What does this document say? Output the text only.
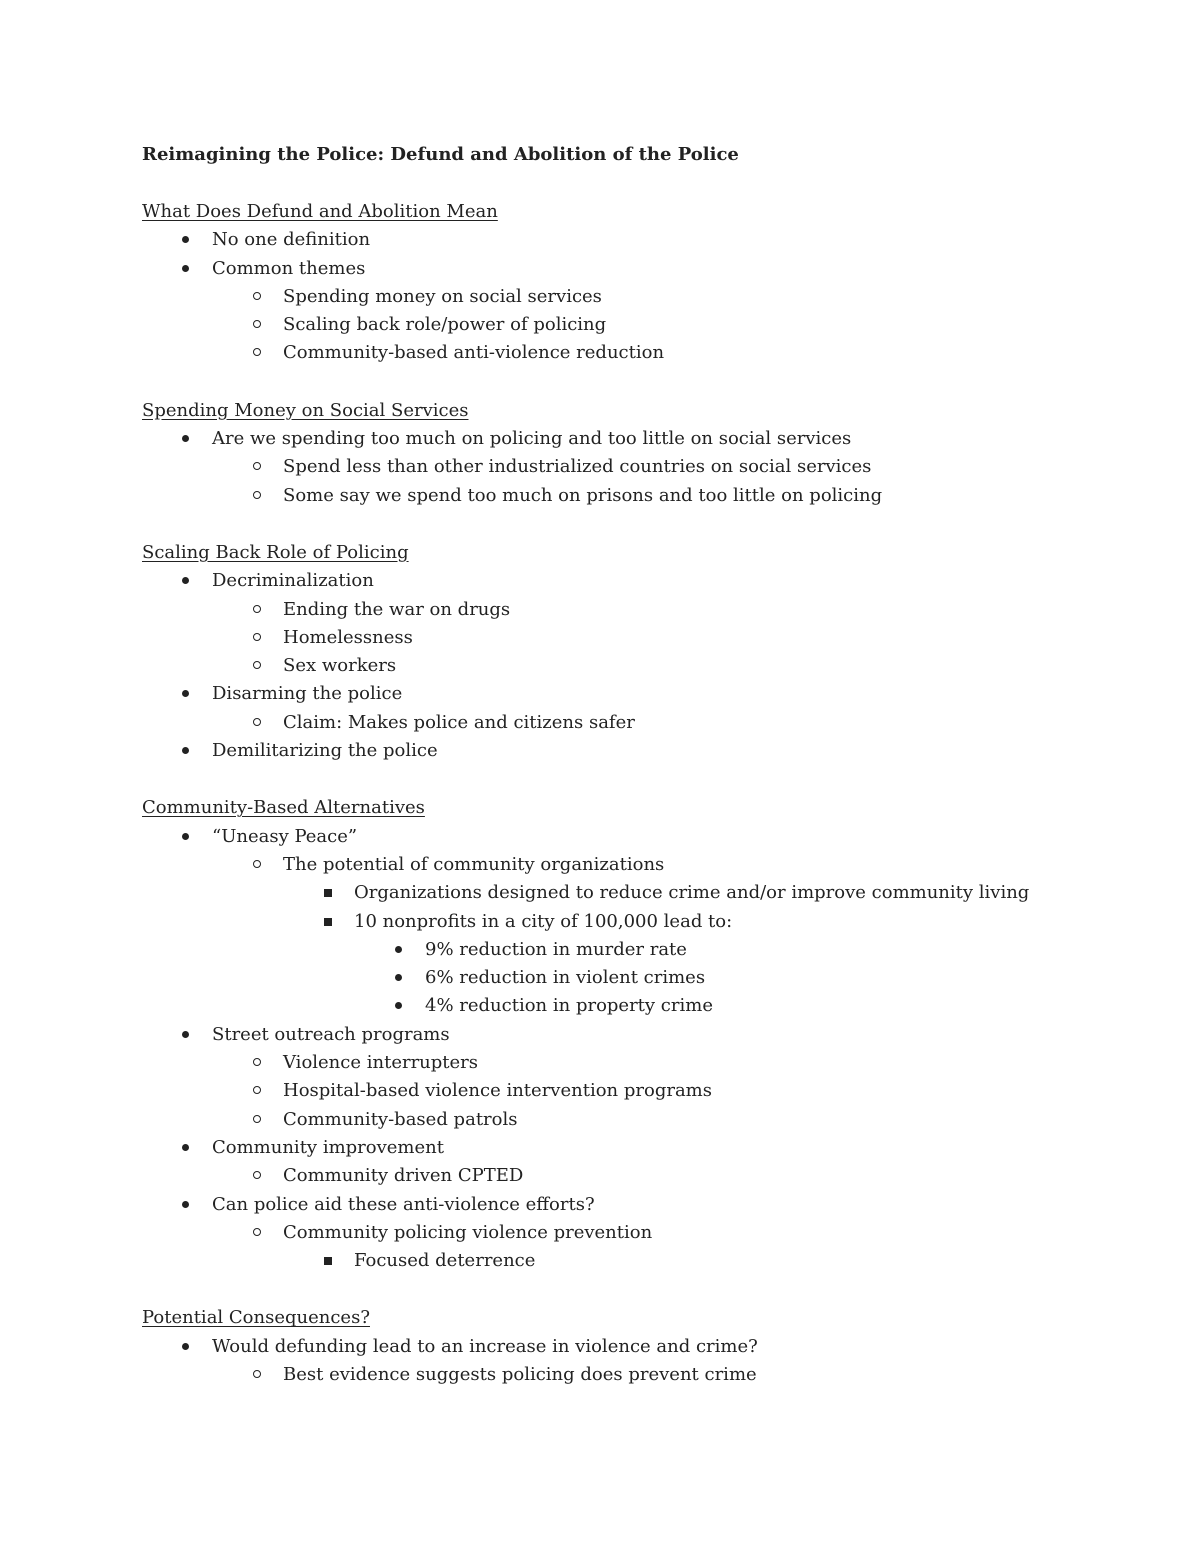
Reimagining the Police: Defund and Abolition of the Police
What Does Defund and Abolition Mean
No one definition
Common themes
Spending money on social services
Scaling back role/power of policing
Community-based anti-violence reduction
Spending Money on Social Services
Are we spending too much on policing and too little on social services
Spend less than other industrialized countries on social services
Some say we spend too much on prisons and too little on policing
Scaling Back Role of Policing
Decriminalization
Ending the war on drugs
Homelessness
Sex workers
Disarming the police
Claim: Makes police and citizens safer
Demilitarizing the police
Community-Based Alternatives
“Uneasy Peace”
The potential of community organizations
Organizations designed to reduce crime and/or improve community living
10 nonprofits in a city of 100,000 lead to:
9% reduction in murder rate
6% reduction in violent crimes
4% reduction in property crime
Street outreach programs
Violence interrupters
Hospital-based violence intervention programs
Community-based patrols
Community improvement
Community driven CPTED
Can police aid these anti-violence efforts?
Community policing violence prevention
Focused deterrence
Potential Consequences?
Would defunding lead to an increase in violence and crime?
Best evidence suggests policing does prevent crime
